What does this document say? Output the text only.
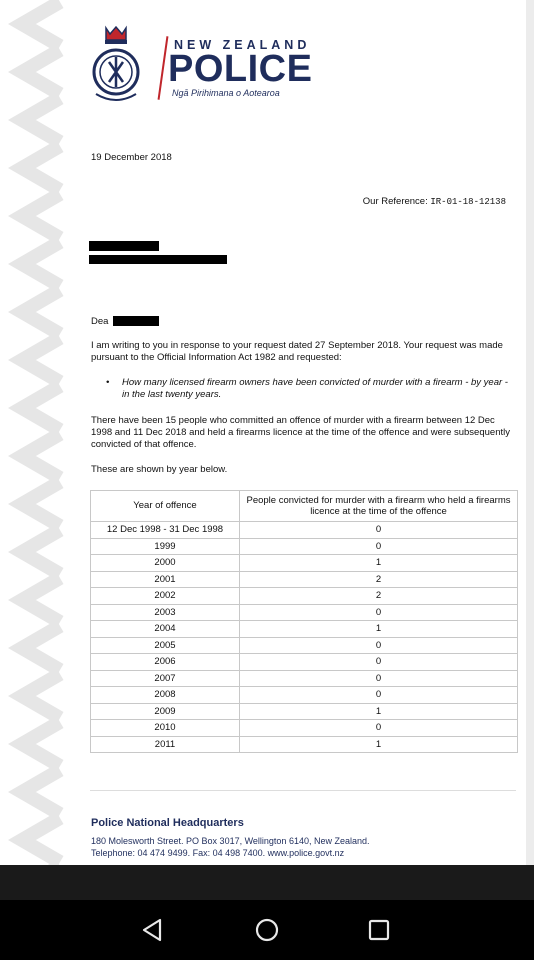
NEW ZEALAND
POLICE
Ngā Pirihimana o Aotearoa
19 December 2018
Our Reference: IR-01-18-12138
Dea
I am writing to you in response to your request dated 27 September 2018. Your request was made pursuant to the Official Information Act 1982 and requested:
• How many licensed firearm owners have been convicted of murder with a firearm - by year - in the last twenty years.
There have been 15 people who committed an offence of murder with a firearm between 12 Dec 1998 and 11 Dec 2018 and held a firearms licence at the time of the offence and were subsequently convicted of that offence.
These are shown by year below.
Year of offence	People convicted for murder with a firearm who held a firearms licence at the time of the offence
12 Dec 1998 - 31 Dec 1998	0
1999	0
2000	1
2001	2
2002	2
2003	0
2004	1
2005	0
2006	0
2007	0
2008	0
2009	1
2010	0
2011	1
Police National Headquarters
180 Molesworth Street. PO Box 3017, Wellington 6140, New Zealand.
Telephone: 04 474 9499. Fax: 04 498 7400. www.police.govt.nz
